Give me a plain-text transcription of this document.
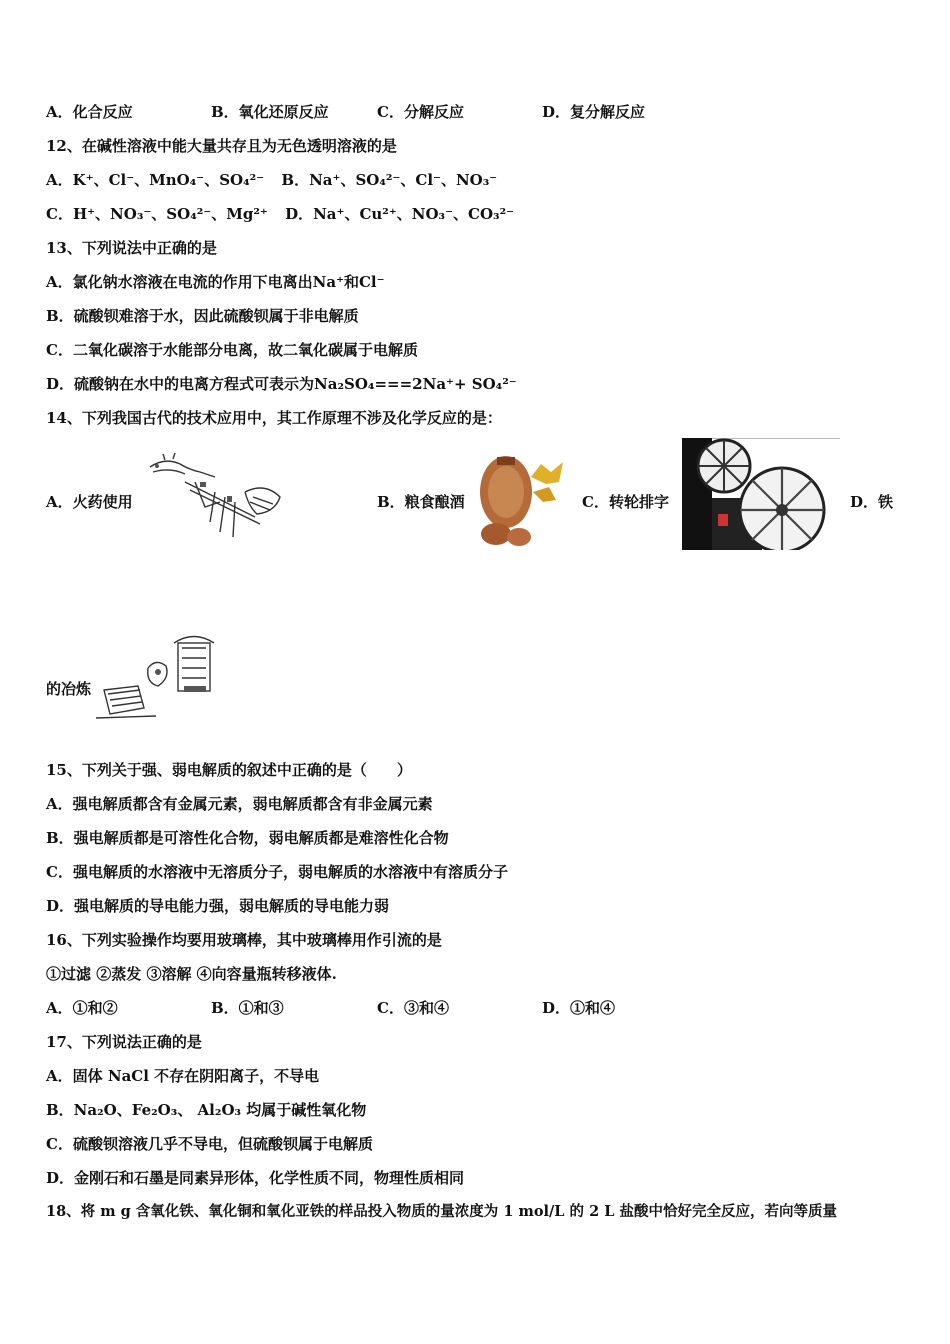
A．化合反应	B．氧化还原反应	C．分解反应	D．复分解反应
12、在碱性溶液中能大量共存且为无色透明溶液的是
A．K⁺、Cl⁻、MnO₄⁻、SO₄²⁻ B．Na⁺、SO₄²⁻、Cl⁻、NO₃⁻
C．H⁺、NO₃⁻、SO₄²⁻、Mg²⁺ D．Na⁺、Cu²⁺、NO₃⁻、CO₃²⁻
13、下列说法中正确的是
A．氯化钠水溶液在电流的作用下电离出Na⁺和Cl⁻
B．硫酸钡难溶于水，因此硫酸钡属于非电解质
C．二氧化碳溶于水能部分电离，故二氧化碳属于电解质
D．硫酸钠在水中的电离方程式可表示为Na₂SO₄===2Na⁺+ SO₄²⁻
14、下列我国古代的技术应用中，其工作原理不涉及化学反应的是：
A．火药使用	B．粮食酿酒	C．转轮排字	D．铁
的冶炼
15、下列关于强、弱电解质的叙述中正确的是（　　）
A．强电解质都含有金属元素，弱电解质都含有非金属元素
B．强电解质都是可溶性化合物，弱电解质都是难溶性化合物
C．强电解质的水溶液中无溶质分子，弱电解质的水溶液中有溶质分子
D．强电解质的导电能力强，弱电解质的导电能力弱
16、下列实验操作均要用玻璃棒，其中玻璃棒用作引流的是
①过滤 ②蒸发 ③溶解 ④向容量瓶转移液体.
A．①和②	B．①和③	C．③和④	D．①和④
17、下列说法正确的是
A．固体 NaCl 不存在阴阳离子，不导电
B．Na₂O、Fe₂O₃、 Al₂O₃ 均属于碱性氧化物
C．硫酸钡溶液几乎不导电，但硫酸钡属于电解质
D．金刚石和石墨是同素异形体，化学性质不同，物理性质相同
18、将 m g 含氧化铁、氧化铜和氧化亚铁的样品投入物质的量浓度为 1 mol/L 的 2 L 盐酸中恰好完全反应，若向等质量
